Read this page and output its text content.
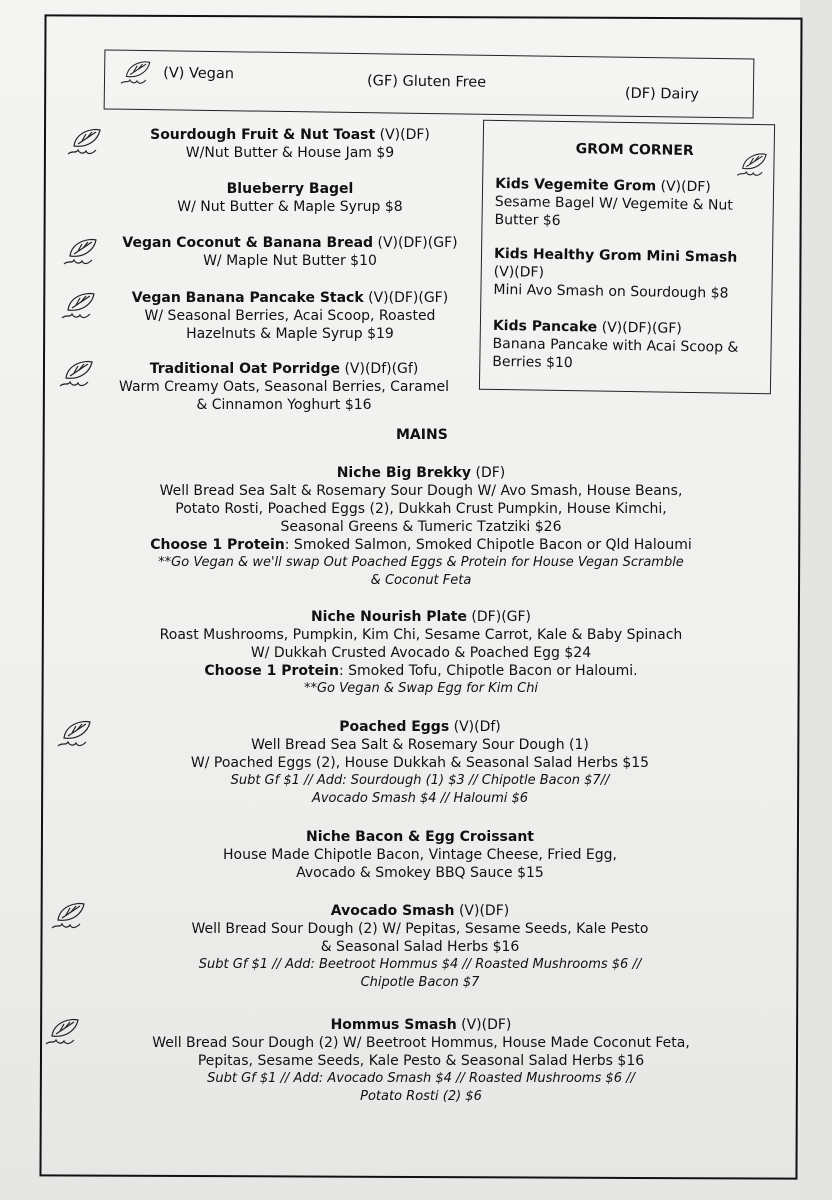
(V) Vegan	(GF) Gluten Free
(DF) Dairy
Sourdough Fruit & Nut Toast (V)(DF)
W/Nut Butter & House Jam $9
Blueberry Bagel
W/ Nut Butter & Maple Syrup $8
Vegan Coconut & Banana Bread (V)(DF)(GF)
W/ Maple Nut Butter $10
Vegan Banana Pancake Stack (V)(DF)(GF)
W/ Seasonal Berries, Acai Scoop, Roasted
Hazelnuts & Maple Syrup $19
Traditional Oat Porridge (V)(Df)(Gf)
Warm Creamy Oats, Seasonal Berries, Caramel
& Cinnamon Yoghurt $16
GROM CORNER
Kids Vegemite Grom (V)(DF)
Sesame Bagel W/ Vegemite & Nut Butter $6
Kids Healthy Grom Mini Smash
(V)(DF)
Mini Avo Smash on Sourdough $8
Kids Pancake (V)(DF)(GF)
Banana Pancake with Acai Scoop & Berries $10
MAINS
Niche Big Brekky (DF)
Well Bread Sea Salt & Rosemary Sour Dough W/ Avo Smash, House Beans,
Potato Rosti, Poached Eggs (2), Dukkah Crust Pumpkin, House Kimchi,
Seasonal Greens & Tumeric Tzatziki $26
Choose 1 Protein: Smoked Salmon, Smoked Chipotle Bacon or Qld Haloumi
**Go Vegan & we'll swap Out Poached Eggs & Protein for House Vegan Scramble
& Coconut Feta
Niche Nourish Plate (DF)(GF)
Roast Mushrooms, Pumpkin, Kim Chi, Sesame Carrot, Kale & Baby Spinach
W/ Dukkah Crusted Avocado & Poached Egg $24
Choose 1 Protein: Smoked Tofu, Chipotle Bacon or Haloumi.
**Go Vegan & Swap Egg for Kim Chi
Poached Eggs (V)(Df)
Well Bread Sea Salt & Rosemary Sour Dough (1)
W/ Poached Eggs (2), House Dukkah & Seasonal Salad Herbs $15
Subt Gf $1 // Add: Sourdough (1) $3 // Chipotle Bacon $7//
Avocado Smash $4 // Haloumi $6
Niche Bacon & Egg Croissant
House Made Chipotle Bacon, Vintage Cheese, Fried Egg,
Avocado & Smokey BBQ Sauce $15
Avocado Smash (V)(DF)
Well Bread Sour Dough (2) W/ Pepitas, Sesame Seeds, Kale Pesto
& Seasonal Salad Herbs $16
Subt Gf $1 // Add: Beetroot Hommus $4 // Roasted Mushrooms $6 //
Chipotle Bacon $7
Hommus Smash (V)(DF)
Well Bread Sour Dough (2) W/ Beetroot Hommus, House Made Coconut Feta,
Pepitas, Sesame Seeds, Kale Pesto & Seasonal Salad Herbs $16
Subt Gf $1 // Add: Avocado Smash $4 // Roasted Mushrooms $6 //
Potato Rosti (2) $6
